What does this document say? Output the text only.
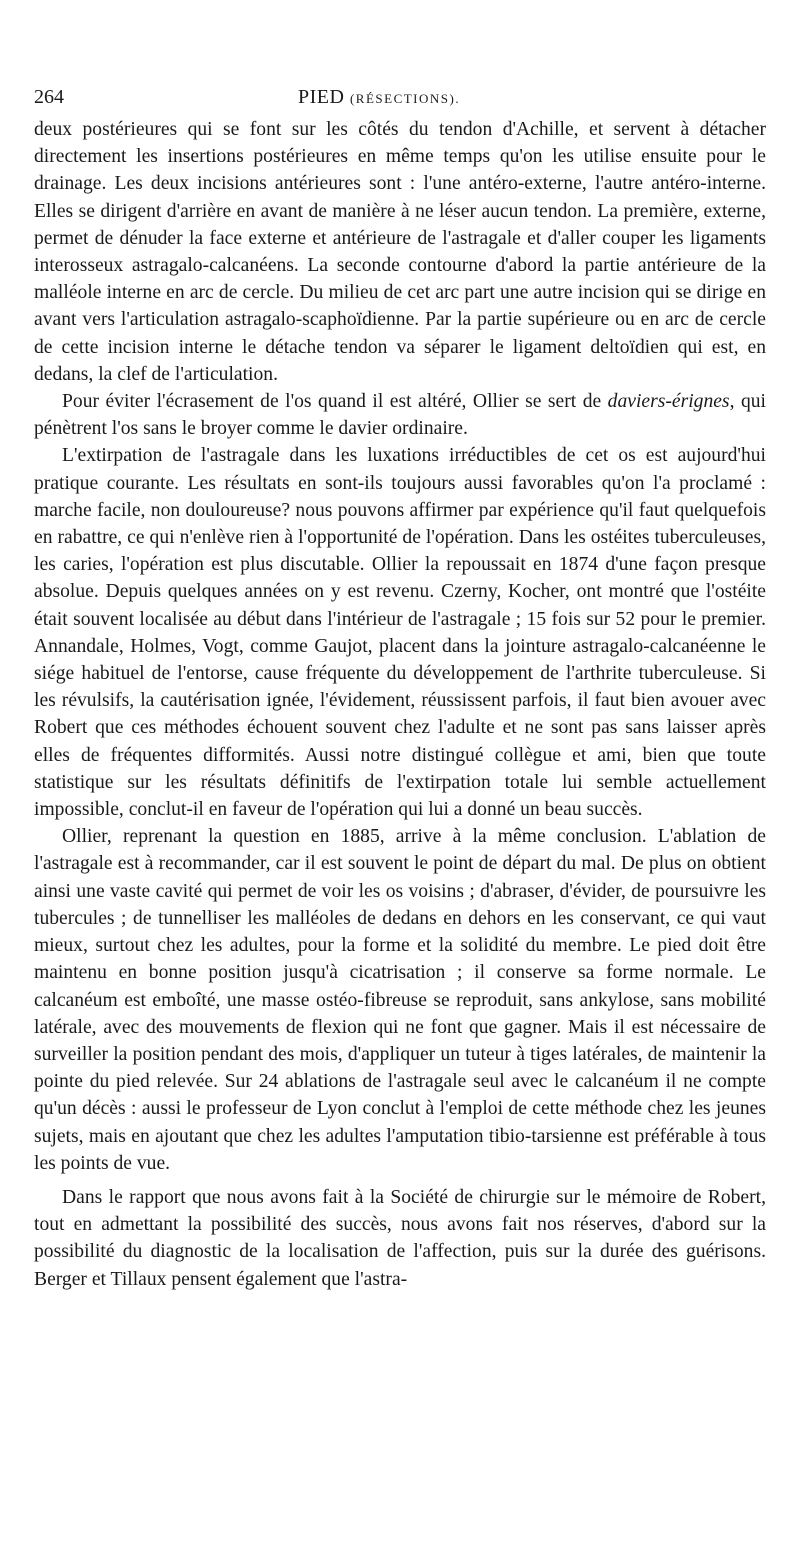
264	PIED (RÉSECTIONS).

deux postérieures qui se font sur les côtés du tendon d'Achille, et servent à détacher directement les insertions postérieures en même temps qu'on les utilise ensuite pour le drainage. Les deux incisions antérieures sont : l'une antéro-externe, l'autre antéro-interne. Elles se dirigent d'arrière en avant de manière à ne léser aucun tendon. La première, externe, permet de dénuder la face externe et antérieure de l'astragale et d'aller couper les ligaments interosseux astragalo-calcanéens. La seconde contourne d'abord la partie antérieure de la malléole interne en arc de cercle. Du milieu de cet arc part une autre incision qui se dirige en avant vers l'articulation astragalo-scaphoïdienne. Par la partie supérieure ou en arc de cercle de cette incision interne le détache tendon va séparer le ligament deltoïdien qui est, en dedans, la clef de l'articulation.

Pour éviter l'écrasement de l'os quand il est altéré, Ollier se sert de daviers-érignes, qui pénètrent l'os sans le broyer comme le davier ordinaire.

L'extirpation de l'astragale dans les luxations irréductibles de cet os est aujourd'hui pratique courante. Les résultats en sont-ils toujours aussi favorables qu'on l'a proclamé : marche facile, non douloureuse? nous pouvons affirmer par expérience qu'il faut quelquefois en rabattre, ce qui n'enlève rien à l'opportunité de l'opération. Dans les ostéites tuberculeuses, les caries, l'opération est plus discutable. Ollier la repoussait en 1874 d'une façon presque absolue. Depuis quelques années on y est revenu. Czerny, Kocher, ont montré que l'ostéite était souvent localisée au début dans l'intérieur de l'astragale ; 15 fois sur 52 pour le premier. Annandale, Holmes, Vogt, comme Gaujot, placent dans la jointure astragalo-calcanéenne le siége habituel de l'entorse, cause fréquente du développement de l'arthrite tuberculeuse. Si les révulsifs, la cautérisation ignée, l'évidement, réussissent parfois, il faut bien avouer avec Robert que ces méthodes échouent souvent chez l'adulte et ne sont pas sans laisser après elles de fréquentes difformités. Aussi notre distingué collègue et ami, bien que toute statistique sur les résultats définitifs de l'extirpation totale lui semble actuellement impossible, conclut-il en faveur de l'opération qui lui a donné un beau succès.

Ollier, reprenant la question en 1885, arrive à la même conclusion. L'ablation de l'astragale est à recommander, car il est souvent le point de départ du mal. De plus on obtient ainsi une vaste cavité qui permet de voir les os voisins ; d'abraser, d'évider, de poursuivre les tubercules ; de tunnelliser les malléoles de dedans en dehors en les conservant, ce qui vaut mieux, surtout chez les adultes, pour la forme et la solidité du membre. Le pied doit être maintenu en bonne position jusqu'à cicatrisation ; il conserve sa forme normale. Le calcanéum est emboîté, une masse ostéo-fibreuse se reproduit, sans ankylose, sans mobilité latérale, avec des mouvements de flexion qui ne font que gagner. Mais il est nécessaire de surveiller la position pendant des mois, d'appliquer un tuteur à tiges latérales, de maintenir la pointe du pied relevée. Sur 24 ablations de l'astragale seul avec le calcanéum il ne compte qu'un décès : aussi le professeur de Lyon conclut à l'emploi de cette méthode chez les jeunes sujets, mais en ajoutant que chez les adultes l'amputation tibio-tarsienne est préférable à tous les points de vue.

Dans le rapport que nous avons fait à la Société de chirurgie sur le mémoire de Robert, tout en admettant la possibilité des succès, nous avons fait nos réserves, d'abord sur la possibilité du diagnostic de la localisation de l'affection, puis sur la durée des guérisons. Berger et Tillaux pensent également que l'astra-
